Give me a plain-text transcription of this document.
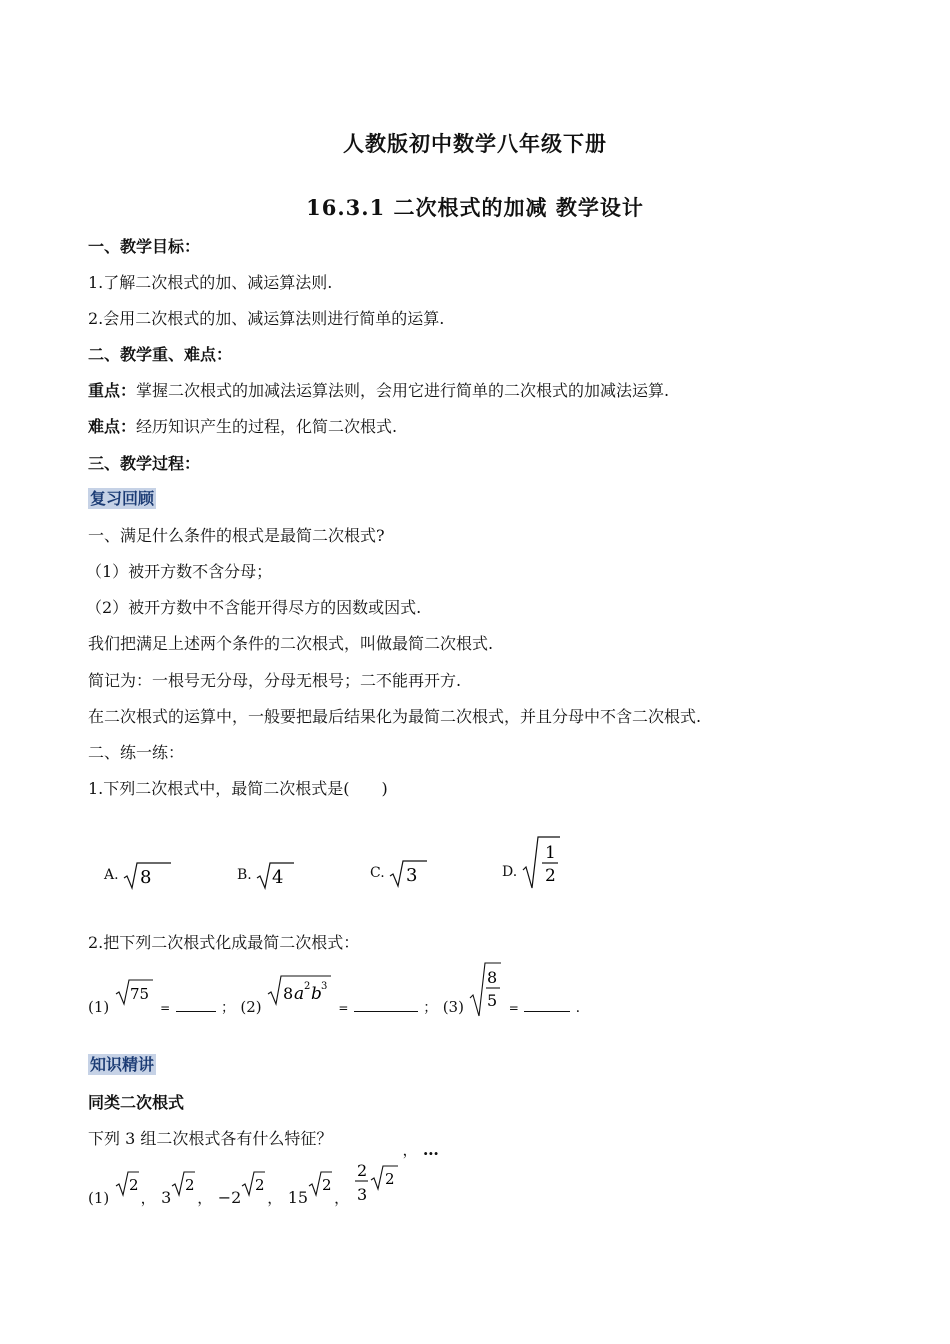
人教版初中数学八年级下册
16.3.1 二次根式的加减 教学设计
一、教学目标：
1.了解二次根式的加、减运算法则.
2.会用二次根式的加、减运算法则进行简单的运算.
二、教学重、难点：
重点：掌握二次根式的加减法运算法则，会用它进行简单的二次根式的加减法运算.
难点：经历知识产生的过程，化简二次根式.
三、教学过程：
复习回顾
一、满足什么条件的根式是最简二次根式?
（1）被开方数不含分母；
（2）被开方数中不含能开得尽方的因数或因式.
我们把满足上述两个条件的二次根式，叫做最简二次根式.
简记为：一根号无分母，分母无根号；二不能再开方.
在二次根式的运算中，一般要把最后结果化为最简二次根式，并且分母中不含二次根式.
二、练一练：
1.下列二次根式中，最简二次根式是(　　)
A. 8	B. 4	C. 3	D.
1
2
2.把下列二次根式化成最简二次根式：
(1)
75
$_=$	$_;$ (2)
8 a 2 b 3
$_=$	$_;$ (3)
8
5 $_=$	$_.$
知识精讲
同类二次根式
下列 3 组二次根式各有什么特征？
(1)
2
， 3
2
， −2
2
， 15
2
，
2
3
2
， …
